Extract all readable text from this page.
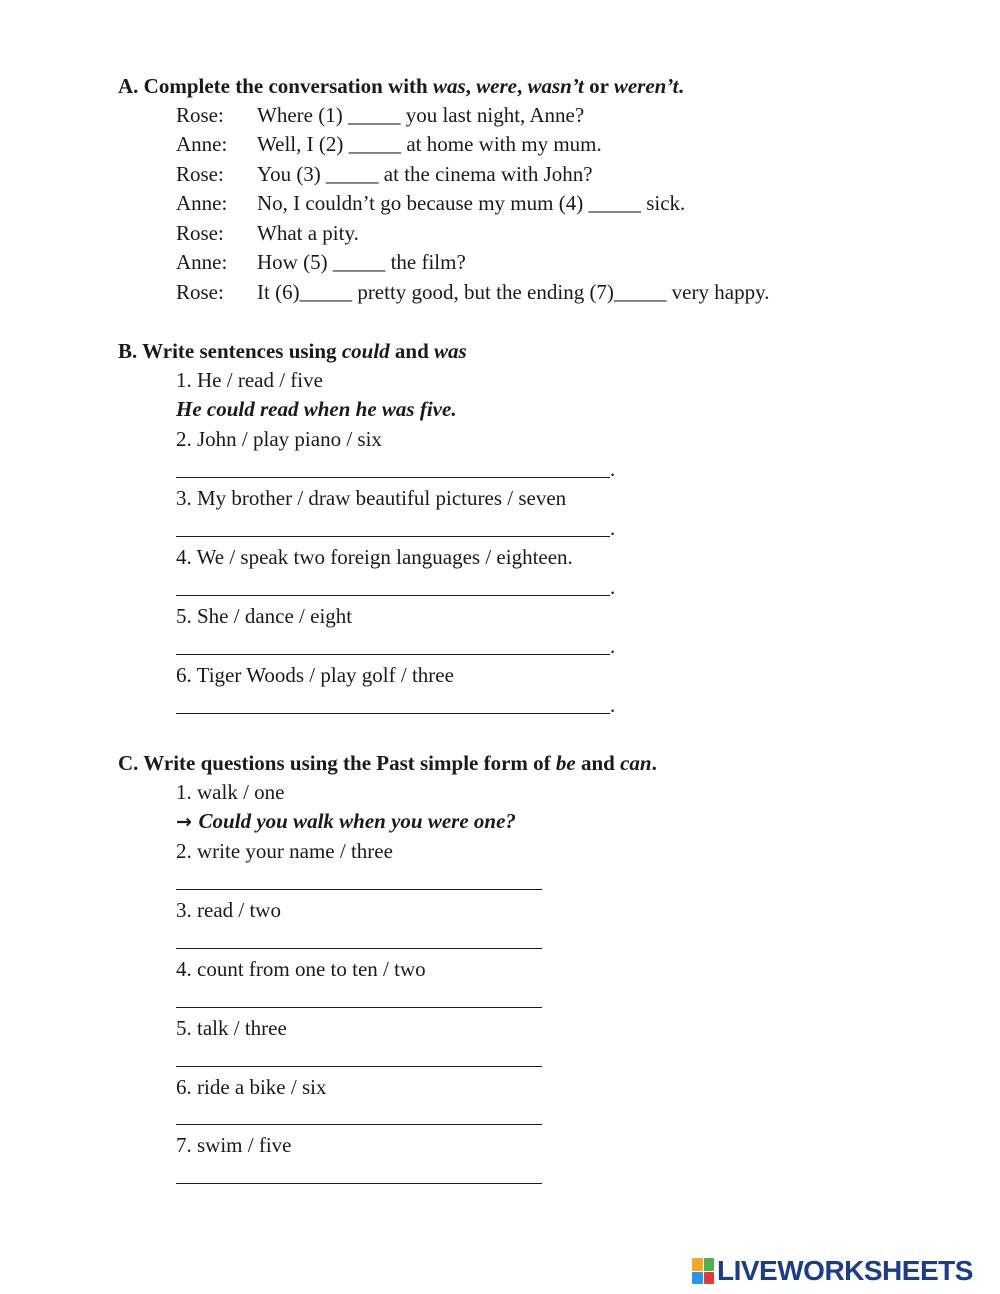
A. Complete the conversation with was, were, wasn’t or weren’t.
Rose: Where (1) _____ you last night, Anne?
Anne: Well, I (2) _____ at home with my mum.
Rose: You (3) _____ at the cinema with John?
Anne: No, I couldn’t go because my mum (4) _____ sick.
Rose: What a pity.
Anne: How (5) _____ the film?
Rose: It (6)_____ pretty good, but the ending (7)_____ very happy.
B. Write sentences using could and was
1. He / read / five
He could read when he was five.
2. John / play piano / six
.
3. My brother / draw beautiful pictures / seven
.
4. We / speak two foreign languages / eighteen.
.
5. She / dance / eight
.
6. Tiger Woods / play golf / three
.
C. Write questions using the Past simple form of be and can.
1. walk / one
→ Could you walk when you were one?
2. write your name / three
3. read / two
4. count from one to ten / two
5. talk / three
6. ride a bike / six
7. swim / five
LIVEWORKSHEETS
